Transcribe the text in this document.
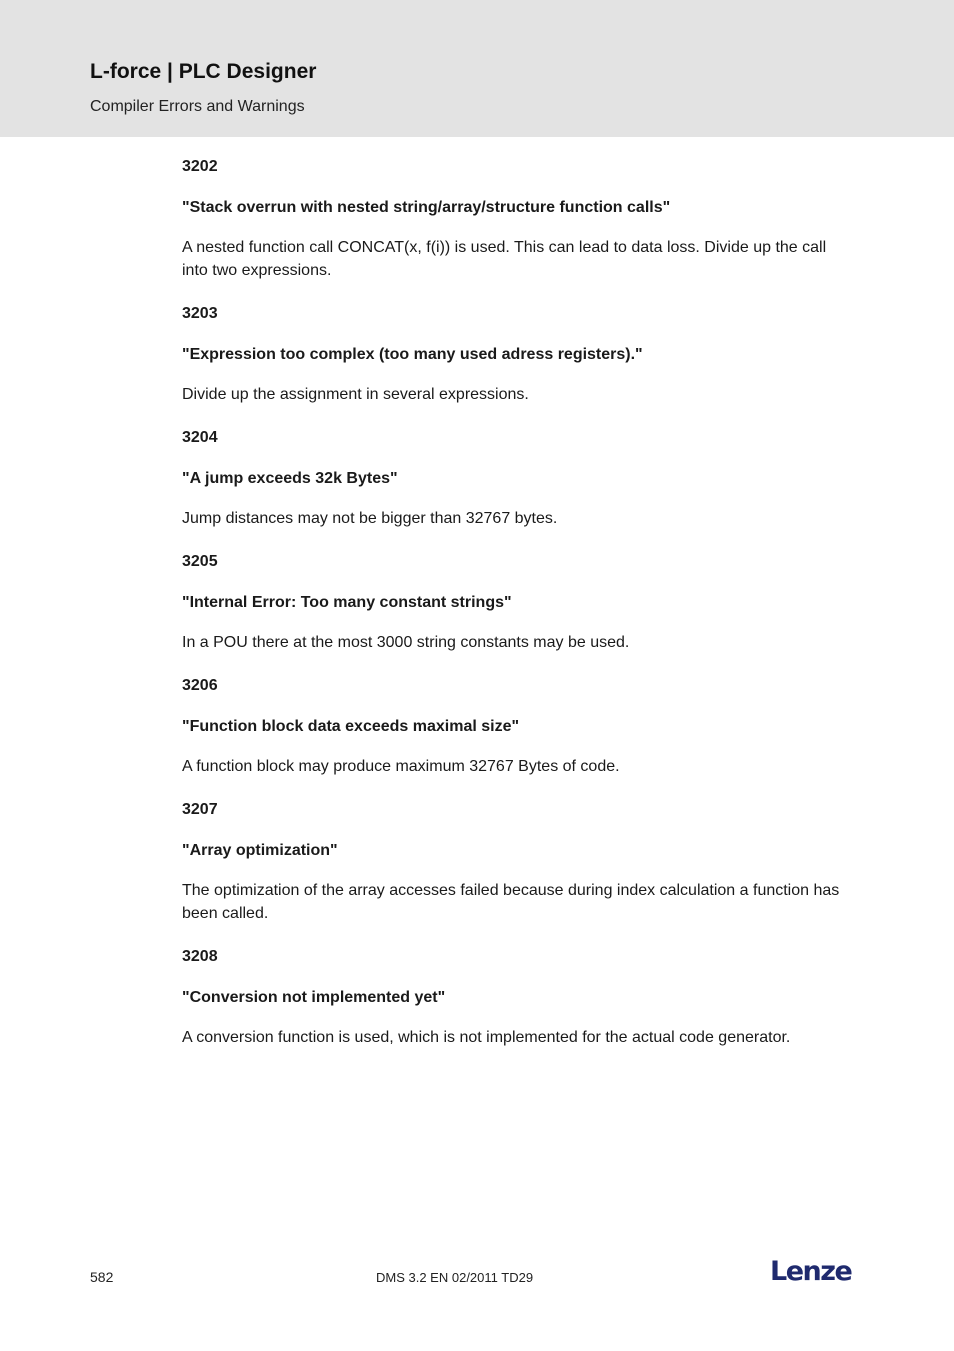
L-force | PLC Designer
Compiler Errors and Warnings
3202
"Stack overrun with nested string/array/structure function calls"
A nested function call CONCAT(x, f(i)) is used. This can lead to data loss. Divide up the call into two expressions.
3203
"Expression too complex (too many used adress registers)."
Divide up the assignment in several expressions.
3204
"A jump exceeds 32k Bytes"
Jump distances may not be bigger than 32767 bytes.
3205
"Internal Error: Too many constant strings"
In a POU there at the most 3000 string constants may be used.
3206
"Function block data exceeds maximal size"
A function block may produce maximum 32767 Bytes of code.
3207
"Array optimization"
The optimization of the array accesses failed because during index calculation a function has been called.
3208
"Conversion not implemented yet"
A conversion function is used, which is not implemented for the actual code generator.
582	DMS 3.2 EN 02/2011 TD29	Lenze
